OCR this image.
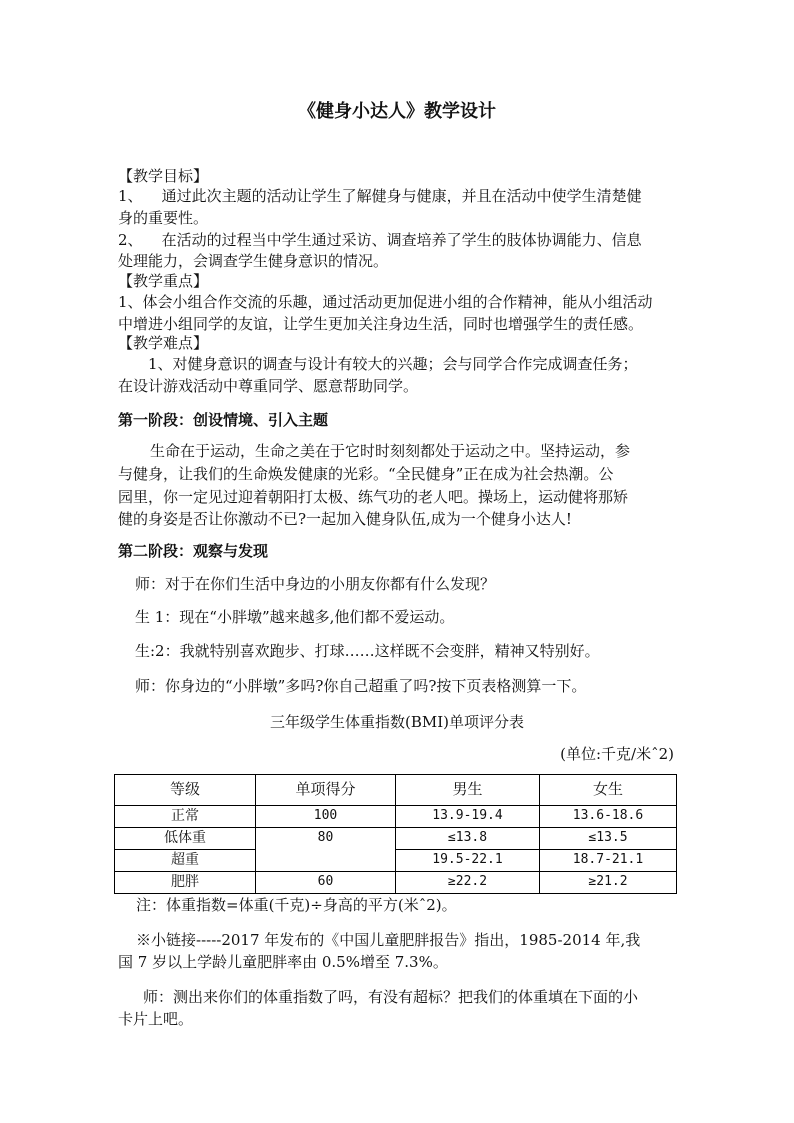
《健身小达人》教学设计
【教学目标】
1、    通过此次主题的活动让学生了解健身与健康，并且在活动中使学生清楚健
身的重要性。
2、    在活动的过程当中学生通过采访、调查培养了学生的肢体协调能力、信息
处理能力，会调查学生健身意识的情况。
【教学重点】
1、体会小组合作交流的乐趣，通过活动更加促进小组的合作精神，能从小组活动
中增进小组同学的友谊，让学生更加关注身边生活，同时也增强学生的责任感。
【教学难点】
1、对健身意识的调查与设计有较大的兴趣；会与同学合作完成调查任务；
在设计游戏活动中尊重同学、愿意帮助同学。
第一阶段：创设情境、引入主题
生命在于运动，生命之美在于它时时刻刻都处于运动之中。坚持运动，参
与健身，让我们的生命焕发健康的光彩。“全民健身”正在成为社会热潮。公
园里，你一定见过迎着朝阳打太极、练气功的老人吧。操场上，运动健将那矫
健的身姿是否让你激动不已?一起加入健身队伍,成为一个健身小达人!
第二阶段：观察与发现
师：对于在你们生活中身边的小朋友你都有什么发现？
生 1：现在“小胖墩”越来越多,他们都不爱运动。
生:2：我就特别喜欢跑步、打球……这样既不会变胖，精神又特别好。
师：你身边的“小胖墩”多吗?你自己超重了吗?按下页表格测算一下。
三年级学生体重指数(BMI)单项评分表
(单位:千克/米ˆ2)
等级	单项得分	男生	女生
正常	100	13.9-19.4	13.6-18.6
低体重	80	≤13.8	≤13.5
超重		19.5-22.1	18.7-21.1
肥胖	60	≥22.2	≥21.2
注：体重指数=体重(千克)÷身高的平方(米ˆ2)。
※小链接-----2017 年发布的《中国儿童肥胖报告》指出，1985-2014 年,我
国 7 岁以上学龄儿童肥胖率由 0.5%增至 7.3%。
师：测出来你们的体重指数了吗，有没有超标？把我们的体重填在下面的小
卡片上吧。
